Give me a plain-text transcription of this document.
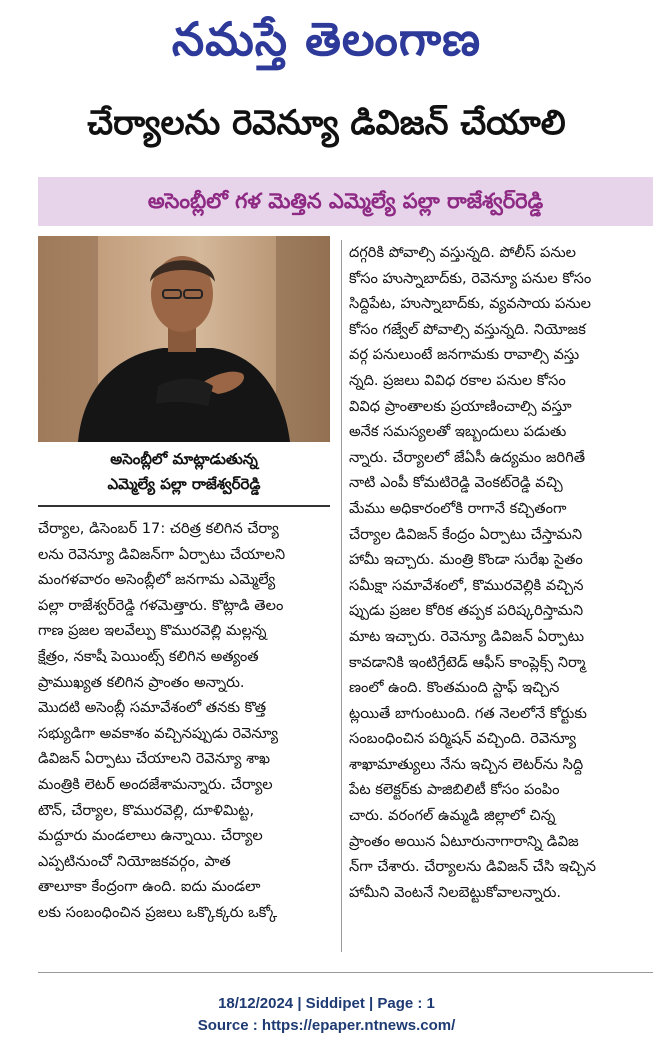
నమస్తే తెలంగాణ
చేర్యాలను రెవెన్యూ డివిజన్ చేయాలి
అసెంబ్లీలో గళ మెత్తిన ఎమ్మెల్యే పల్లా రాజేశ్వర్‌రెడ్డి
అసెంబ్లీలో మాట్లాడుతున్న
ఎమ్మెల్యే పల్లా రాజేశ్వర్‌రెడ్డి
చేర్యాల, డిసెంబర్ 17: చరిత్ర కలిగిన చేర్యా
లను రెవెన్యూ డివిజన్‌గా ఏర్పాటు చేయాలని
మంగళవారం అసెంబ్లీలో జనగామ ఎమ్మెల్యే
పల్లా రాజేశ్వర్‌రెడ్డి గళమెత్తారు. కొట్లాడి తెలం
గాణ ప్రజల ఇలవేల్పు కొమురవెల్లి మల్లన్న
క్షేత్రం, నకాషీ పెయింట్స్ కలిగిన అత్యంత
ప్రాముఖ్యత కలిగిన ప్రాంతం అన్నారు.
మొదటి అసెంబ్లీ సమావేశంలో తనకు కొత్త
సభ్యుడిగా అవకాశం వచ్చినప్పుడు రెవెన్యూ
డివిజన్ ఏర్పాటు చేయాలని రెవెన్యూ శాఖ
మంత్రికి లెటర్ అందజేశామన్నారు. చేర్యాల
టౌన్, చేర్యాల, కొమురవెల్లి, దూళిమిట్ట,
మద్దూరు మండలాలు ఉన్నాయి. చేర్యాల
ఎప్పటినుంచో నియోజకవర్గం, పాత
తాలూకా కేంద్రంగా ఉంది. ఐదు మండలా
లకు సంబంధించిన ప్రజలు ఒక్కొక్కరు ఒక్కో
దగ్గరికి పోవాల్సి వస్తున్నది. పోలీస్ పనుల
కోసం హుస్నాబాద్‌కు, రెవెన్యూ పనుల కోసం
సిద్దిపేట, హుస్నాబాద్‌కు, వ్యవసాయ పనుల
కోసం గజ్వేల్ పోవాల్సి వస్తున్నది. నియోజక
వర్గ పనులుంటే జనగామకు రావాల్సి వస్తు
న్నది. ప్రజలు వివిధ రకాల పనుల కోసం
వివిధ ప్రాంతాలకు ప్రయాణించాల్సి వస్తూ
అనేక సమస్యలతో ఇబ్బందులు పడుతు
న్నారు. చేర్యాలలో జేఏసీ ఉద్యమం జరిగితే
నాటి ఎంపీ కోమటిరెడ్డి వెంకట్‌రెడ్డి వచ్చి
మేము అధికారంలోకి రాగానే కచ్చితంగా
చేర్యాల డివిజన్ కేంద్రం ఏర్పాటు చేస్తామని
హామీ ఇచ్చారు. మంత్రి కొండా సురేఖ సైతం
సమీక్షా సమావేశంలో, కొమురవెల్లికి వచ్చిన
ప్పుడు ప్రజల కోరిక తప్పక పరిష్కరిస్తామని
మాట ఇచ్చారు. రెవెన్యూ డివిజన్ ఏర్పాటు
కావడానికి ఇంటిగ్రేటెడ్ ఆఫీస్ కాంప్లెక్స్ నిర్మా
ణంలో ఉంది. కొంతమంది స్టాఫ్ ఇచ్చిన
ట్లయితే బాగుంటుంది. గత నెలలోనే కోర్టుకు
సంబంధించిన పర్మిషన్ వచ్చింది. రెవెన్యూ
శాఖామాత్యులు నేను ఇచ్చిన లెటర్‌ను సిద్ది
పేట కలెక్టర్‌కు పాజిబిలిటీ కోసం పంపిం
చారు. వరంగల్ ఉమ్మడి జిల్లాలో చిన్న
ప్రాంతం అయిన ఏటూరునాగారాన్ని డివిజ
న్‌గా చేశారు. చేర్యాలను డివిజన్ చేసి ఇచ్చిన
హామీని వెంటనే నిలబెట్టుకోవాలన్నారు.
18/12/2024 | Siddipet | Page : 1
Source : https://epaper.ntnews.com/
